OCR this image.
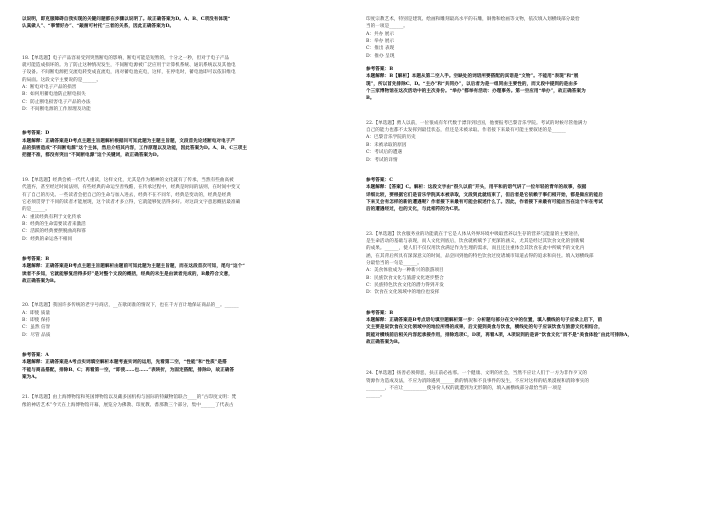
以说明，即克服障碍自我实现的关键问题都在步骤以说明了。故正确答案为D。A、B、C项没有体现“
认真做人”、“事情好办”、“敲凿可衬托”三者的关系，因此正确答案为D。
18.【单选题】电子产品容易受到突然断电的影响，断电可能是短暂的，十分之一秒，但对于电子产品
就可能造成损坏的。为了防止这种情况发生，不间断电源被广泛应用于计算机系统、通讯系统以及其他电
子设备。不间断电源把交流电转变成直流电，再对蓄电池充电，这样，在停电时，蓄电池即可以依旧维电
的局面。这段文字主要说的是______。
A：断电对电子产品的损害
B：如何用蓄电池防止断电损失
C：防止断电损害电子产品的办法
D：不间断电源的工作原理及功能
参考答案：D
本题解释：正确答案是D考点主题主旨题解析根据问可知此题为主题主旨题，文段首先论述断电对电子产
品的损害造成“不间断电源”这个主体，然后介绍其内容，工作原理以及功能，因此答案为D。A、B、C三项主
把握不准，都没有突出“不间断电源”这个关键词，故正确答案为D。
19.【单选题】经典会被一代代人重读，这样文化，尤其是作为精神的文化就有了传承，当然有些曲高被
代遗弃，甚至经过时间法则，有些经典的命运至善残酷，在传承过程中，经典是时间的法则，在时间中变又
有了自己的历史。一些读者会把自己的生命与加入进去，经典不在不同年，经典是变动的，经典是经典
它必须贯穿于不同的读者才能展现，这个读者才多立得，它就能够复活得多好。对这段文字意思概括最准确
的是______。
A：重读经典有利于文化传承
B：经典的生命需要读者来激活
C：活跃的经典要摆脱曲高和寡
D：经典的命运各不相同
参考答案：B
本题解释：正确答案是B考点主题主旨题解析由题前可知此题为主题主旨题，而在这段首次可知，尾句“这个“
读者不多知，它就能够复活得多好”是对整个文段的概括，经典的未生是由读者完成的，B最符合文意，
故正确答案为B。
20.【单选题】我国许多传统的老字号商店，__在歇闭准的情况下，也在千方百计地保证商品的__。______
A：即使 质量
B：即使 保持
C：虽然 信誉
D：尽管 品质
参考答案：A
本题解释：正确答案是A考点实词填空解析本题考查实词的运用，先看第二空，“性能”和“性质”是搭
不能与商品搭配，排除B、C；再看第一空，“即使……也……”表转折，为固定搭配，排除D，故正确答
案为A。
21.【单选题】由上海博物馆和英国博物馆以及藏多国机构与国际的特藏物馆联合____的“古印度文明：梵
像的神话艺术”今天在上海博物馆开幕，展览分为佛教、印度教、耆那教三个部分，集中______了代表古
印度宗教艺术，特别是建筑、绘画和雕刻最高水平的石雕，铜像和绘画等文物，依次填入划横线部分最恰
当的一项是______。
A：共办 展示
B：举办 展示
C：推出 表现
D：推办 呈现
参考答案：B
本题解释：B【解析】本题从第二空入手。空缺处的词语所要搭配的宾语是“文物”。不能用“表现”和“展
现”，所以首先排除C、D。“主办”和“共同办”，以后者为是一组同由主要性的，而文段中提到的是由多
个三家博物馆在这次活动中的主次身份。“举办”都举有活动：办理事务。第一空应用“举办”，故正确答案为
B。
22.【单选题】骋人以前，一位很成有年代数于漂洋到过国，他要报考巴黎音乐学院。考试的时候尽管他满力
自己的能力也都不太发挥到最佳状态，但还是未被录取。作者接下来最有可能主要叙述的是______
A：巴黎音乐学院的历史
B：未被录取的原因
C：考试后的遭遇
D：考试的详情
参考答案：C
本题解释：【答案】C。解析：这段文字由“很久以前”开头，用平和的语气讲了一位年轻的青年的故事，依据
详细比较，要根据它们是音乐学院其本被录取，文段到此就结束了，但后者是它依赖于事们相开始，都是做应的能后
下来叉会有怎样的新的遭遇呢？作者接下来最有可能会叙述什么了。因此，作者接下来最有可能应当在这个年在考试
后的遭遇经过，也的文化，与此相符的为C项。
23.【单选题】饮食服务业的功能就在于它是人体从外界环境中吸取营养以生存的营养与能量的主要途径，
是生命活动的基础与表现，而人文化到底后，饮食就被赋予了更深的涵义，尤其是经过其饮食文化的创新赋
的成果。______，使人们不仅仅用饮食满足作为生理的需求，而且还注重体会其饮食在此中所赋予的文化内
涵，在其背后所具有深深意义的时间，品尝回到他的特色饮食过度诸城市知道去得的追求和向往。填入划横线部
分最恰当的一句是______。
A：美食体验成为一种新兴的旅游项目
B：民族饮食文化与旅游文化逐步整合
C：民族特色饮食文化的潜力得到开发
D：饮食在文化领域中的地位也发挥
参考答案：B
本题解释：正确答案是B考点语句填空题解析第一步：分析题句部分在文中的位置，填入横线的句子应承上启下，前
文主要是说饮食在文化领域中的地位所得的成果，后文提到美食与饮食，横线处的句子应该饮食与旅游文化相结合，
既能对横线前后相关内容起承接作用，排除选项C，D项，再看A项，A项说到的是讲“饮食文化”而不是“美食体验”由此可排除A，
故正确答案为B。
24.【单选题】扬善必须抑恶，扶正前必祛邪。一个健康、文明的社会，当然不应让人们于一方为非作歹又的
资源作为造成及法，不应为消除遇到______新的情况和不良事件的发生，不应对这样的结果漠视和消除事实的
________，不应让__________使身份人权的就遭到为无形制的，填入画横线部分最恰当的一项是
______。
